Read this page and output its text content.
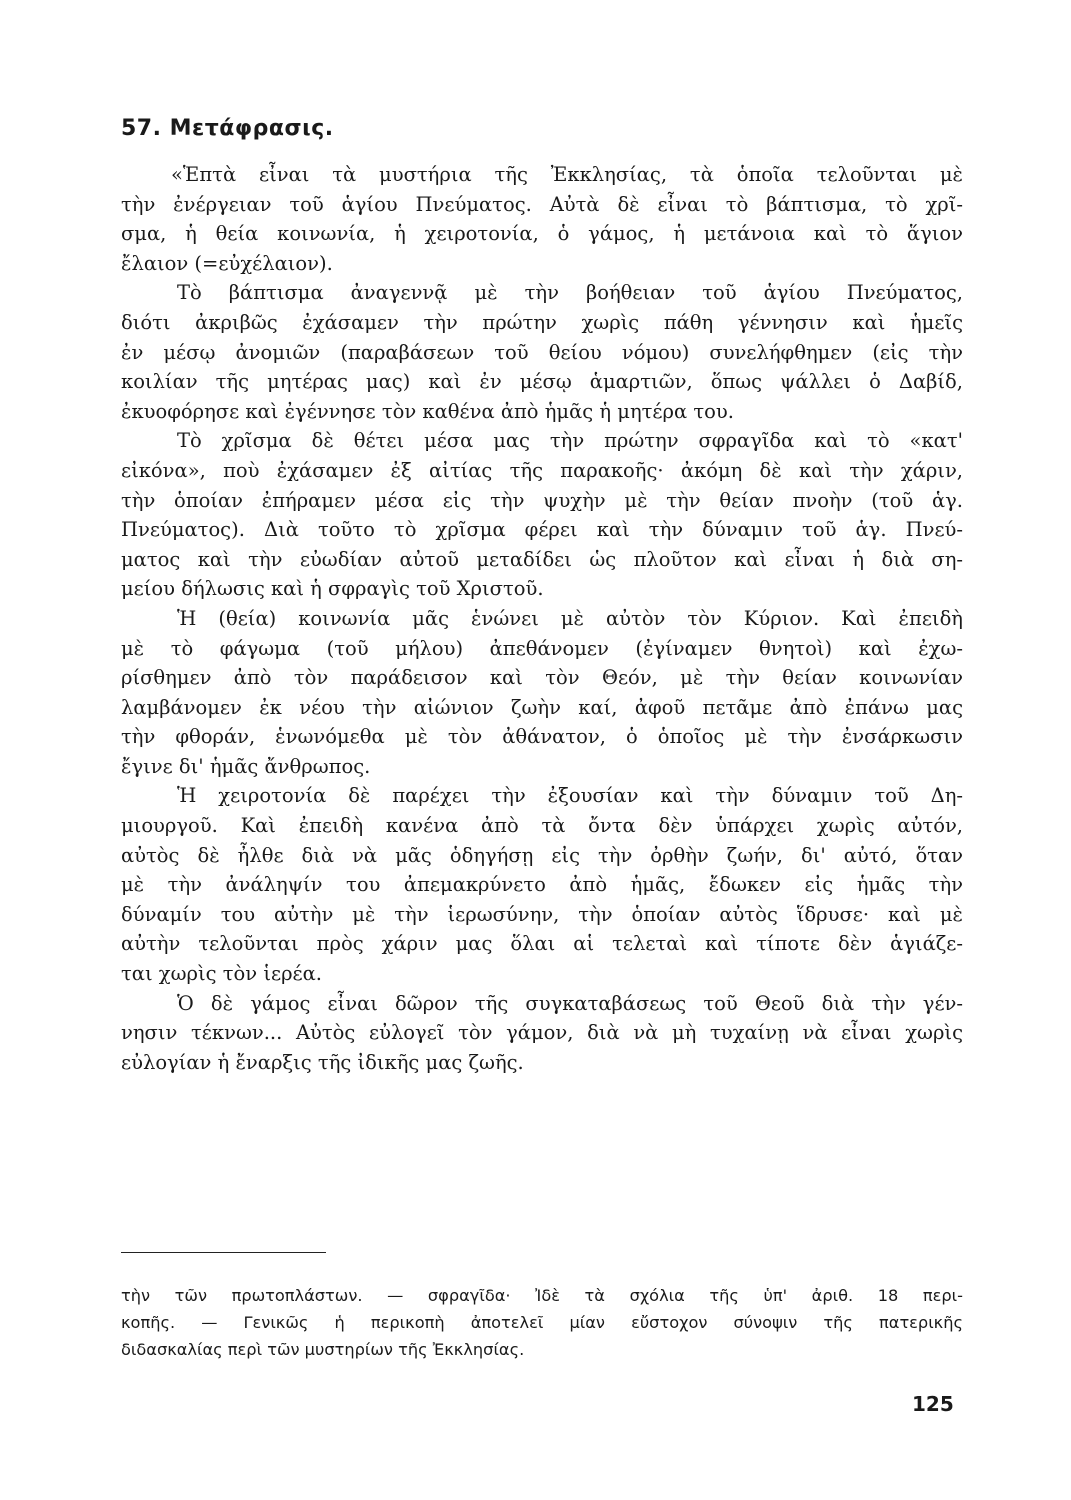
57. Μετάφρασις.
«Ἑπτὰ εἶναι τὰ μυστήρια τῆς Ἐκκλησίας, τὰ ὁποῖα τελοῦνται μὲ
τὴν ἐνέργειαν τοῦ ἁγίου Πνεύματος. Αὐτὰ δὲ εἶναι τὸ βάπτισμα, τὸ χρῖ-
σμα, ἡ θεία κοινωνία, ἡ χειροτονία, ὁ γάμος, ἡ μετάνοια καὶ τὸ ἅγιον
ἔλαιον (=εὐχέλαιον).
Τὸ βάπτισμα ἀναγεννᾷ μὲ τὴν βοήθειαν τοῦ ἁγίου Πνεύματος,
διότι ἀκριβῶς ἐχάσαμεν τὴν πρώτην χωρὶς πάθη γέννησιν καὶ ἡμεῖς
ἐν μέσῳ ἀνομιῶν (παραβάσεων τοῦ θείου νόμου) συνελήφθημεν (εἰς τὴν
κοιλίαν τῆς μητέρας μας) καὶ ἐν μέσῳ ἁμαρτιῶν, ὅπως ψάλλει ὁ Δαβίδ,
ἐκυοφόρησε καὶ ἐγέννησε τὸν καθένα ἀπὸ ἡμᾶς ἡ μητέρα του.
Τὸ χρῖσμα δὲ θέτει μέσα μας τὴν πρώτην σφραγῖδα καὶ τὸ «κατ'
εἰκόνα», ποὺ ἐχάσαμεν ἐξ αἰτίας τῆς παρακοῆς· ἀκόμη δὲ καὶ τὴν χάριν,
τὴν ὁποίαν ἐπήραμεν μέσα εἰς τὴν ψυχὴν μὲ τὴν θείαν πνοὴν (τοῦ ἁγ.
Πνεύματος). Διὰ τοῦτο τὸ χρῖσμα φέρει καὶ τὴν δύναμιν τοῦ ἁγ. Πνεύ-
ματος καὶ τὴν εὐωδίαν αὐτοῦ μεταδίδει ὡς πλοῦτον καὶ εἶναι ἡ διὰ ση-
μείου δήλωσις καὶ ἡ σφραγὶς τοῦ Χριστοῦ.
Ἡ (θεία) κοινωνία μᾶς ἑνώνει μὲ αὐτὸν τὸν Κύριον. Καὶ ἐπειδὴ
μὲ τὸ φάγωμα (τοῦ μήλου) ἀπεθάνομεν (ἐγίναμεν θνητοὶ) καὶ ἐχω-
ρίσθημεν ἀπὸ τὸν παράδεισον καὶ τὸν Θεόν, μὲ τὴν θείαν κοινωνίαν
λαμβάνομεν ἐκ νέου τὴν αἰώνιον ζωὴν καί, ἀφοῦ πετᾶμε ἀπὸ ἐπάνω μας
τὴν φθοράν, ἑνωνόμεθα μὲ τὸν ἀθάνατον, ὁ ὁποῖος μὲ τὴν ἐνσάρκωσιν
ἔγινε δι' ἡμᾶς ἄνθρωπος.
Ἡ χειροτονία δὲ παρέχει τὴν ἐξουσίαν καὶ τὴν δύναμιν τοῦ Δη-
μιουργοῦ. Καὶ ἐπειδὴ κανένα ἀπὸ τὰ ὄντα δὲν ὑπάρχει χωρὶς αὐτόν,
αὐτὸς δὲ ἦλθε διὰ νὰ μᾶς ὁδηγήσῃ εἰς τὴν ὀρθὴν ζωήν, δι' αὐτό, ὅταν
μὲ τὴν ἀνάληψίν του ἀπεμακρύνετο ἀπὸ ἡμᾶς, ἔδωκεν εἰς ἡμᾶς τὴν
δύναμίν του αὐτὴν μὲ τὴν ἱερωσύνην, τὴν ὁποίαν αὐτὸς ἵδρυσε· καὶ μὲ
αὐτὴν τελοῦνται πρὸς χάριν μας ὅλαι αἱ τελεταὶ καὶ τίποτε δὲν ἁγιάζε-
ται χωρὶς τὸν ἱερέα.
Ὁ δὲ γάμος εἶναι δῶρον τῆς συγκαταβάσεως τοῦ Θεοῦ διὰ τὴν γέν-
νησιν τέκνων... Αὐτὸς εὐλογεῖ τὸν γάμον, διὰ νὰ μὴ τυχαίνῃ νὰ εἶναι χωρὶς
εὐλογίαν ἡ ἔναρξις τῆς ἰδικῆς μας ζωῆς.
τὴν τῶν πρωτοπλάστων. — σφραγῖδα· Ἰδὲ τὰ σχόλια τῆς ὑπ' ἀριθ. 18 περι-
κοπῆς. — Γενικῶς ἡ περικοπὴ ἀποτελεῖ μίαν εὔστοχον σύνοψιν τῆς πατερικῆς
διδασκαλίας περὶ τῶν μυστηρίων τῆς Ἐκκλησίας.
125
